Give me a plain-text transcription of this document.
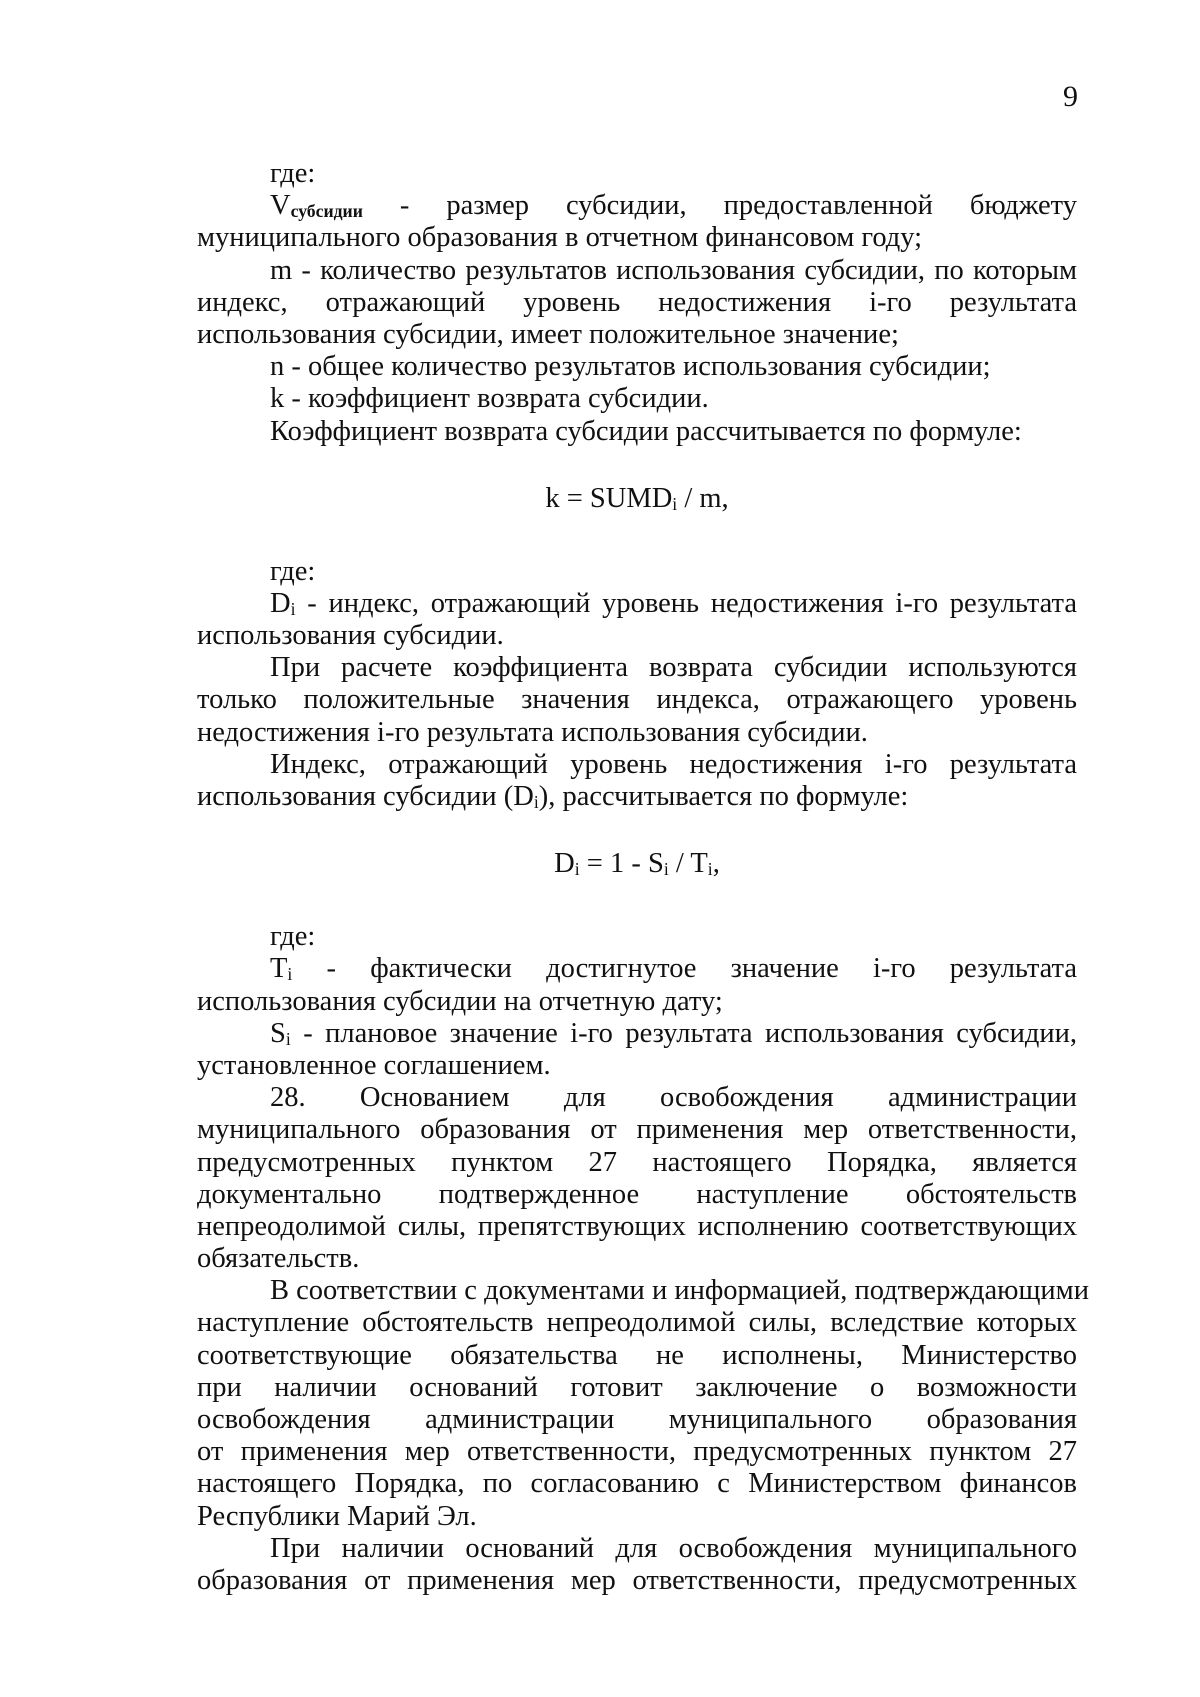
9
где:
Vсубсидии - размер субсидии, предоставленной бюджету
муниципального образования в отчетном финансовом году;
m - количество результатов использования субсидии, по которым
индекс, отражающий уровень недостижения i-го результата
использования субсидии, имеет положительное значение;
n - общее количество результатов использования субсидии;
k - коэффициент возврата субсидии.
Коэффициент возврата субсидии рассчитывается по формуле:
$k = SUMD_i / m$,
где:
$D_i$ - индекс, отражающий уровень недостижения i-го результата
использования субсидии.
При расчете коэффициента возврата субсидии используются
только положительные значения индекса, отражающего уровень
недостижения i-го результата использования субсидии.
Индекс, отражающий уровень недостижения i-го результата
использования субсидии $(D_i)$, рассчитывается по формуле:
$D_i = 1 - S_i / T_i$,
где:
$T_i$ - фактически достигнутое значение i-го результата
использования субсидии на отчетную дату;
$S_i$ - плановое значение i-го результата использования субсидии,
установленное соглашением.
28. Основанием для освобождения администрации
муниципального образования от применения мер ответственности,
предусмотренных пунктом 27 настоящего Порядка, является
документально подтвержденное наступление обстоятельств
непреодолимой силы, препятствующих исполнению соответствующих
обязательств.
В соответствии с документами и информацией, подтверждающими
наступление обстоятельств непреодолимой силы, вследствие которых
соответствующие обязательства не исполнены, Министерство
при наличии оснований готовит заключение о возможности
освобождения администрации муниципального образования
от применения мер ответственности, предусмотренных пунктом 27
настоящего Порядка, по согласованию с Министерством финансов
Республики Марий Эл.
При наличии оснований для освобождения муниципального
образования от применения мер ответственности, предусмотренных
